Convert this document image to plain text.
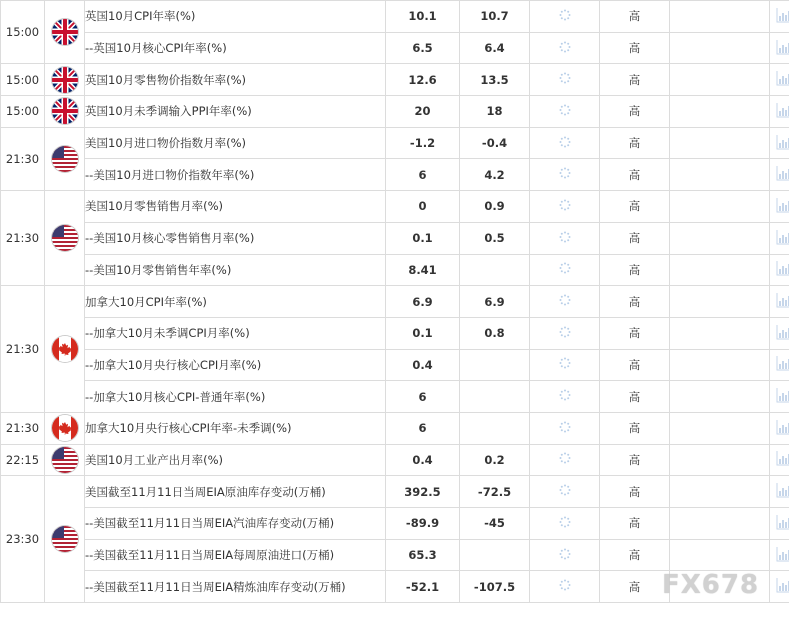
15:00		英国10月CPI年率(%)	10.1	10.7		高		
		--英国10月核心CPI年率(%)	6.5	6.4		高		
15:00		英国10月零售物价指数年率(%)	12.6	13.5		高		
15:00		英国10月未季调输入PPI年率(%)	20	18		高		
21:30		美国10月进口物价指数月率(%)	-1.2	-0.4		高		
		--美国10月进口物价指数年率(%)	6	4.2		高		
21:30		美国10月零售销售月率(%)	0	0.9		高		
		--美国10月核心零售销售月率(%)	0.1	0.5		高		
		--美国10月零售销售年率(%)	8.41			高		
21:30		加拿大10月CPI年率(%)	6.9	6.9		高		
		--加拿大10月未季调CPI月率(%)	0.1	0.8		高		
		--加拿大10月央行核心CPI月率(%)	0.4			高		
		--加拿大10月核心CPI-普通年率(%)	6			高		
21:30		加拿大10月央行核心CPI年率-未季调(%)	6			高		
22:15		美国10月工业产出月率(%)	0.4	0.2		高		
23:30		美国截至11月11日当周EIA原油库存变动(万桶)	392.5	-72.5		高		
		--美国截至11月11日当周EIA汽油库存变动(万桶)	-89.9	-45		高		
		--美国截至11月11日当周EIA每周原油进口(万桶)	65.3			高		
		--美国截至11月11日当周EIA精炼油库存变动(万桶)	-52.1	-107.5		高		FX678
